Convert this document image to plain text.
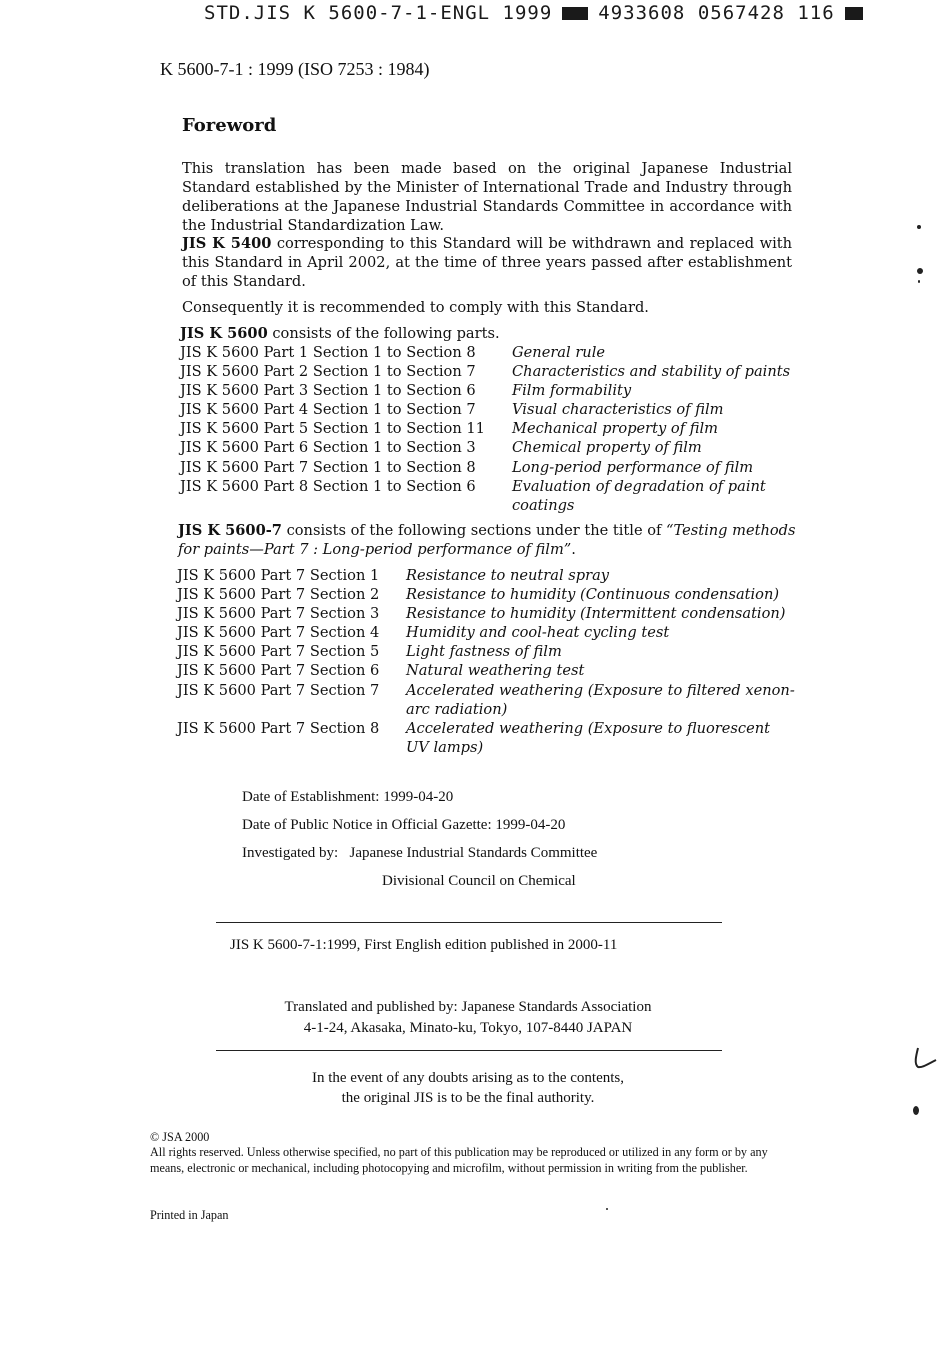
STD.JIS K 5600-7-1-ENGL 1999 4933608 0567428 116
K 5600-7-1 : 1999 (ISO 7253 : 1984)
Foreword
This translation has been made based on the original Japanese Industrial Standard established by the Minister of International Trade and Industry through deliberations at the Japanese Industrial Standards Committee in accordance with the Industrial Standardization Law.
JIS K 5400 corresponding to this Standard will be withdrawn and replaced with this Standard in April 2002, at the time of three years passed after establishment of this Standard.
Consequently it is recommended to comply with this Standard.
JIS K 5600 consists of the following parts.
JIS K 5600 Part 1 Section 1 to Section 8	General rule
JIS K 5600 Part 2 Section 1 to Section 7	Characteristics and stability of paints
JIS K 5600 Part 3 Section 1 to Section 6	Film formability
JIS K 5600 Part 4 Section 1 to Section 7	Visual characteristics of film
JIS K 5600 Part 5 Section 1 to Section 11	Mechanical property of film
JIS K 5600 Part 6 Section 1 to Section 3	Chemical property of film
JIS K 5600 Part 7 Section 1 to Section 8	Long-period performance of film
JIS K 5600 Part 8 Section 1 to Section 6	Evaluation of degradation of paint coatings
JIS K 5600-7 consists of the following sections under the title of “Testing methods for paints—Part 7 : Long-period performance of film”.
JIS K 5600 Part 7 Section 1	Resistance to neutral spray
JIS K 5600 Part 7 Section 2	Resistance to humidity (Continuous condensation)
JIS K 5600 Part 7 Section 3	Resistance to humidity (Intermittent condensation)
JIS K 5600 Part 7 Section 4	Humidity and cool-heat cycling test
JIS K 5600 Part 7 Section 5	Light fastness of film
JIS K 5600 Part 7 Section 6	Natural weathering test
JIS K 5600 Part 7 Section 7	Accelerated weathering (Exposure to filtered xenon-arc radiation)
JIS K 5600 Part 7 Section 8	Accelerated weathering (Exposure to fluorescent UV lamps)
Date of Establishment: 1999-04-20
Date of Public Notice in Official Gazette: 1999-04-20
Investigated by: Japanese Industrial Standards Committee
Divisional Council on Chemical
JIS K 5600-7-1:1999, First English edition published in 2000-11
Translated and published by: Japanese Standards Association
4-1-24, Akasaka, Minato-ku, Tokyo, 107-8440 JAPAN
In the event of any doubts arising as to the contents,
the original JIS is to be the final authority.
© JSA 2000
All rights reserved. Unless otherwise specified, no part of this publication may be reproduced or utilized in any form or by any means, electronic or mechanical, including photocopying and microfilm, without permission in writing from the publisher.
Printed in Japan
